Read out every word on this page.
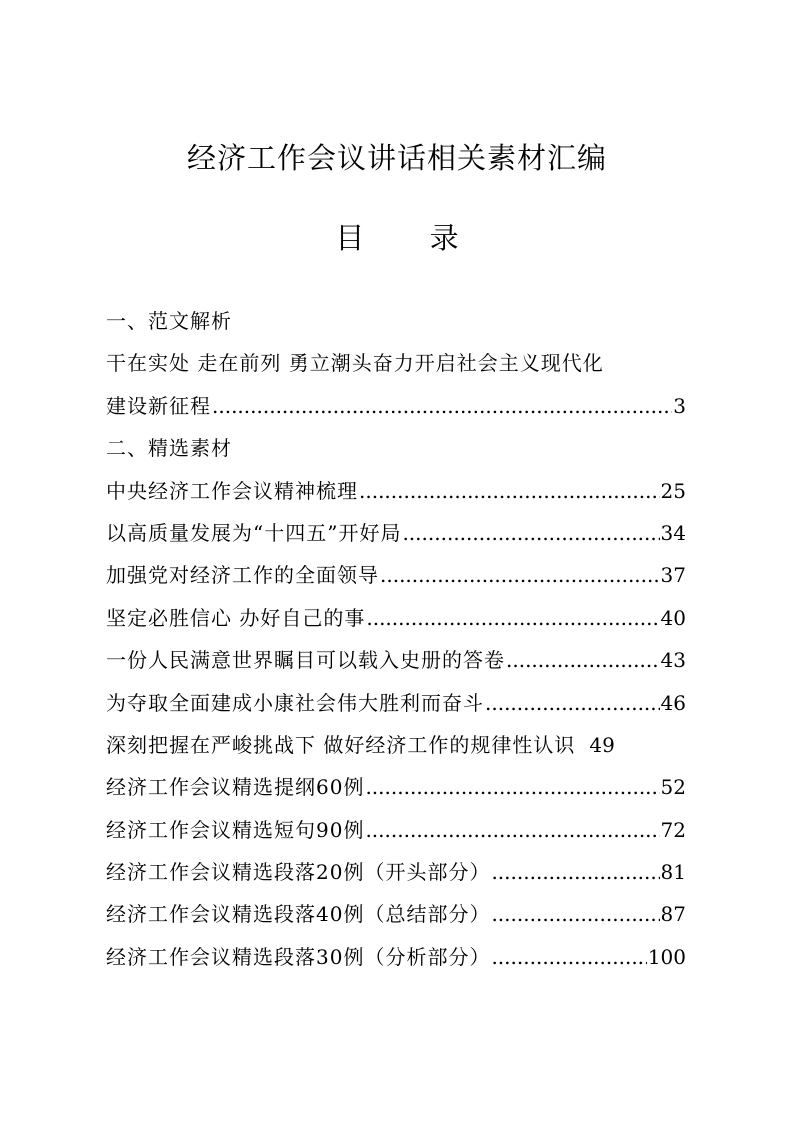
经济工作会议讲话相关素材汇编
目 录
一、范文解析
干在实处 走在前列 勇立潮头奋力开启社会主义现代化
建设新征程 .....	3
二、精选素材
中央经济工作会议精神梳理 .....	25
以高质量发展为“十四五”开好局 .....	34
加强党对经济工作的全面领导 .....	37
坚定必胜信心 办好自己的事 .....	40
一份人民满意世界瞩目可以载入史册的答卷 .....	43
为夺取全面建成小康社会伟大胜利而奋斗 .....	46
深刻把握在严峻挑战下 做好经济工作的规律性认识 49
经济工作会议精选提纲60例 .....	52
经济工作会议精选短句90例 .....	72
经济工作会议精选段落20例（开头部分） .....	81
经济工作会议精选段落40例（总结部分） .....	87
经济工作会议精选段落30例（分析部分） .....	100
